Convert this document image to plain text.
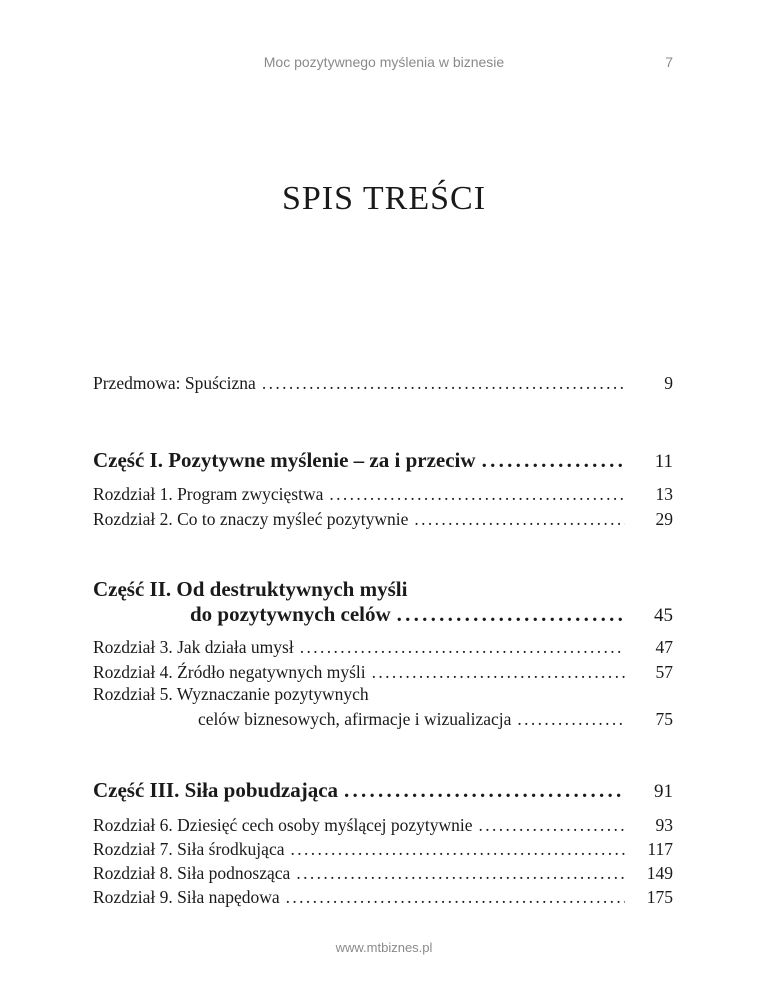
Moc pozytywnego myślenia w biznesie	7
SPIS TREŚCI
Przedmowa: Spuścizna . . .	9
Część I. Pozytywne myślenie – za i przeciw . . .	11
Rozdział 1. Program zwycięstwa . . .	13
Rozdział 2. Co to znaczy myśleć pozytywnie . . .	29
Część II. Od destruktywnych myśli
do pozytywnych celów . . .	45
Rozdział 3. Jak działa umysł . . .	47
Rozdział 4. Źródło negatywnych myśli . . .	57
Rozdział 5. Wyznaczanie pozytywnych
celów biznesowych, afirmacje i wizualizacja . . .	75
Część III. Siła pobudzająca . . .	91
Rozdział 6. Dziesięć cech osoby myślącej pozytywnie . . .	93
Rozdział 7. Siła środkująca . . .	117
Rozdział 8. Siła podnosząca . . .	149
Rozdział 9. Siła napędowa . . .	175
www.mtbiznes.pl
